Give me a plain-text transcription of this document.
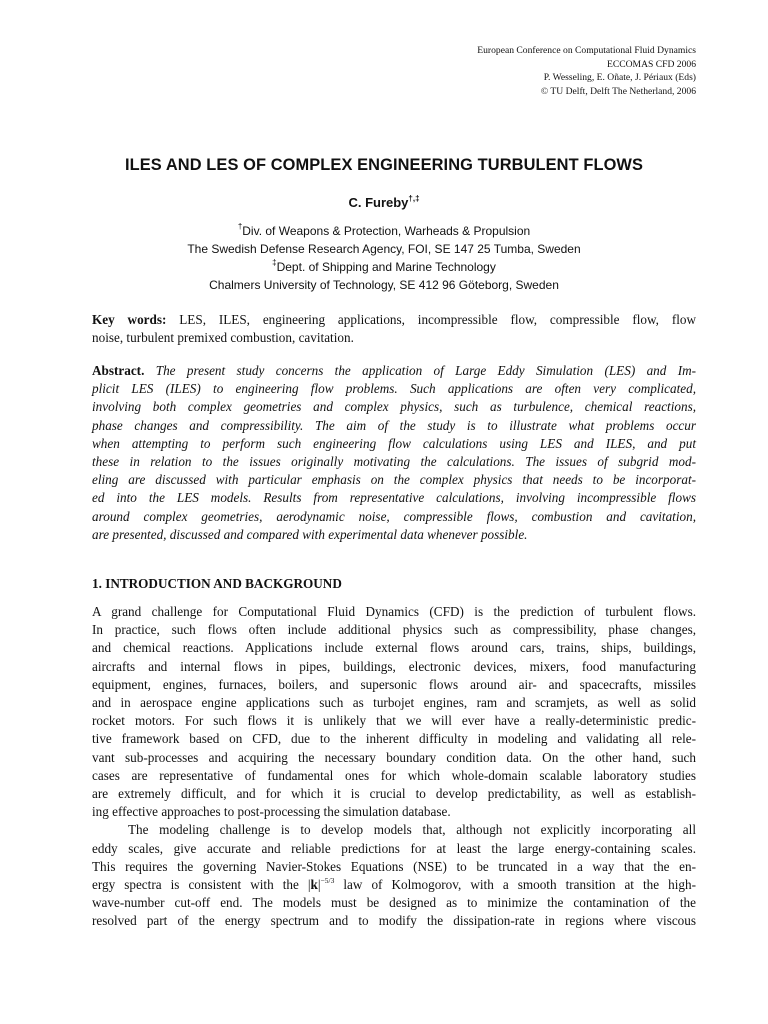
European Conference on Computational Fluid Dynamics
ECCOMAS CFD 2006
P. Wesseling, E. Oñate, J. Périaux (Eds)
© TU Delft, Delft The Netherland, 2006
ILES AND LES OF COMPLEX ENGINEERING TURBULENT FLOWS
C. Fureby†,‡
†Div. of Weapons & Protection, Warheads & Propulsion
The Swedish Defense Research Agency, FOI, SE 147 25 Tumba, Sweden
‡Dept. of Shipping and Marine Technology
Chalmers University of Technology, SE 412 96 Göteborg, Sweden
Key words: LES, ILES, engineering applications, incompressible flow, compressible flow, flow
noise, turbulent premixed combustion, cavitation.
Abstract. The present study concerns the application of Large Eddy Simulation (LES) and Im-
plicit LES (ILES) to engineering flow problems. Such applications are often very complicated,
involving both complex geometries and complex physics, such as turbulence, chemical reactions,
phase changes and compressibility. The aim of the study is to illustrate what problems occur
when attempting to perform such engineering flow calculations using LES and ILES, and put
these in relation to the issues originally motivating the calculations. The issues of subgrid mod-
eling are discussed with particular emphasis on the complex physics that needs to be incorporat-
ed into the LES models. Results from representative calculations, involving incompressible flows
around complex geometries, aerodynamic noise, compressible flows, combustion and cavitation,
are presented, discussed and compared with experimental data whenever possible.
1. INTRODUCTION AND BACKGROUND
A grand challenge for Computational Fluid Dynamics (CFD) is the prediction of turbulent flows.
In practice, such flows often include additional physics such as compressibility, phase changes,
and chemical reactions. Applications include external flows around cars, trains, ships, buildings,
aircrafts and internal flows in pipes, buildings, electronic devices, mixers, food manufacturing
equipment, engines, furnaces, boilers, and supersonic flows around air- and spacecrafts, missiles
and in aerospace engine applications such as turbojet engines, ram and scramjets, as well as solid
rocket motors. For such flows it is unlikely that we will ever have a really-deterministic predic-
tive framework based on CFD, due to the inherent difficulty in modeling and validating all rele-
vant sub-processes and acquiring the necessary boundary condition data. On the other hand, such
cases are representative of fundamental ones for which whole-domain scalable laboratory studies
are extremely difficult, and for which it is crucial to develop predictability, as well as establish-
ing effective approaches to post-processing the simulation database.
The modeling challenge is to develop models that, although not explicitly incorporating all
eddy scales, give accurate and reliable predictions for at least the large energy-containing scales.
This requires the governing Navier-Stokes Equations (NSE) to be truncated in a way that the en-
ergy spectra is consistent with the $|k|^{-5/3}$ law of Kolmogorov, with a smooth transition at the high-
wave-number cut-off end. The models must be designed as to minimize the contamination of the
resolved part of the energy spectrum and to modify the dissipation-rate in regions where viscous
